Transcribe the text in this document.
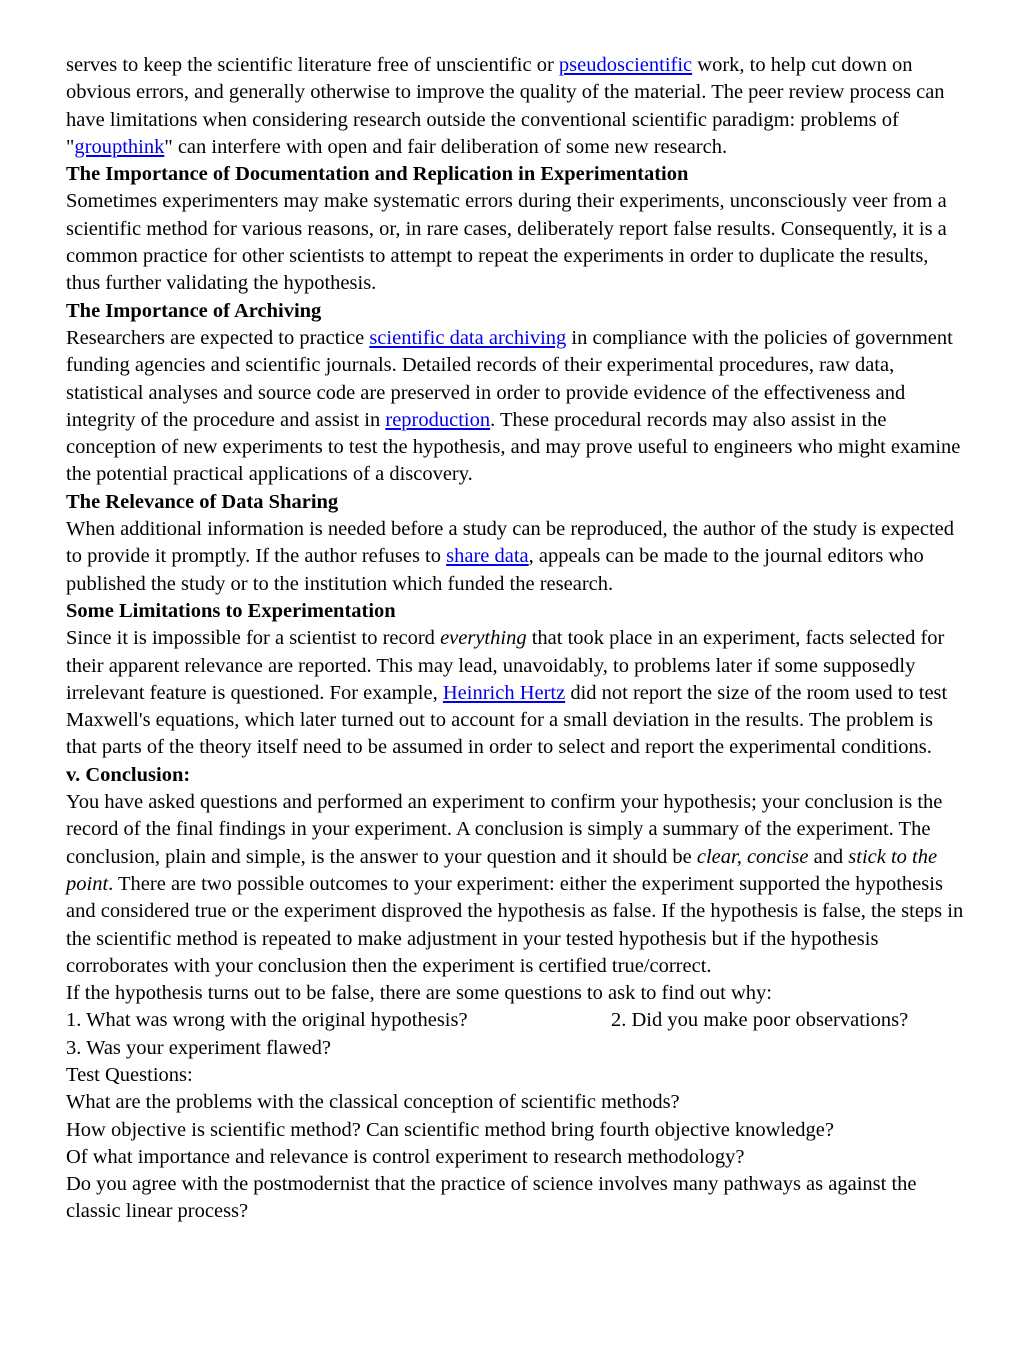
serves to keep the scientific literature free of unscientific or pseudoscientific work, to help cut down on obvious errors, and generally otherwise to improve the quality of the material. The peer review process can have limitations when considering research outside the conventional scientific paradigm: problems of "groupthink" can interfere with open and fair deliberation of some new research.

The Importance of Documentation and Replication in Experimentation

Sometimes experimenters may make systematic errors during their experiments, unconsciously veer from a scientific method for various reasons, or, in rare cases, deliberately report false results. Consequently, it is a common practice for other scientists to attempt to repeat the experiments in order to duplicate the results, thus further validating the hypothesis.

The Importance of Archiving

Researchers are expected to practice scientific data archiving in compliance with the policies of government funding agencies and scientific journals. Detailed records of their experimental procedures, raw data, statistical analyses and source code are preserved in order to provide evidence of the effectiveness and integrity of the procedure and assist in reproduction. These procedural records may also assist in the conception of new experiments to test the hypothesis, and may prove useful to engineers who might examine the potential practical applications of a discovery.

The Relevance of Data Sharing

When additional information is needed before a study can be reproduced, the author of the study is expected to provide it promptly. If the author refuses to share data, appeals can be made to the journal editors who published the study or to the institution which funded the research.

Some Limitations to Experimentation

Since it is impossible for a scientist to record everything that took place in an experiment, facts selected for their apparent relevance are reported. This may lead, unavoidably, to problems later if some supposedly irrelevant feature is questioned. For example, Heinrich Hertz did not report the size of the room used to test Maxwell's equations, which later turned out to account for a small deviation in the results. The problem is that parts of the theory itself need to be assumed in order to select and report the experimental conditions.

v. Conclusion:

You have asked questions and performed an experiment to confirm your hypothesis; your conclusion is the record of the final findings in your experiment. A conclusion is simply a summary of the experiment. The conclusion, plain and simple, is the answer to your question and it should be clear, concise and stick to the point. There are two possible outcomes to your experiment: either the experiment supported the hypothesis and considered true or the experiment disproved the hypothesis as false. If the hypothesis is false, the steps in the scientific method is repeated to make adjustment in your tested hypothesis but if the hypothesis corroborates with your conclusion then the experiment is certified true/correct.

If the hypothesis turns out to be false, there are some questions to ask to find out why:

1. What was wrong with the original hypothesis?	2. Did you make poor observations?

3. Was your experiment flawed?

Test Questions:

What are the problems with the classical conception of scientific methods?

How objective is scientific method? Can scientific method bring fourth objective knowledge?

Of what importance and relevance is control experiment to research methodology?

Do you agree with the postmodernist that the practice of science involves many pathways as against the classic linear process?
